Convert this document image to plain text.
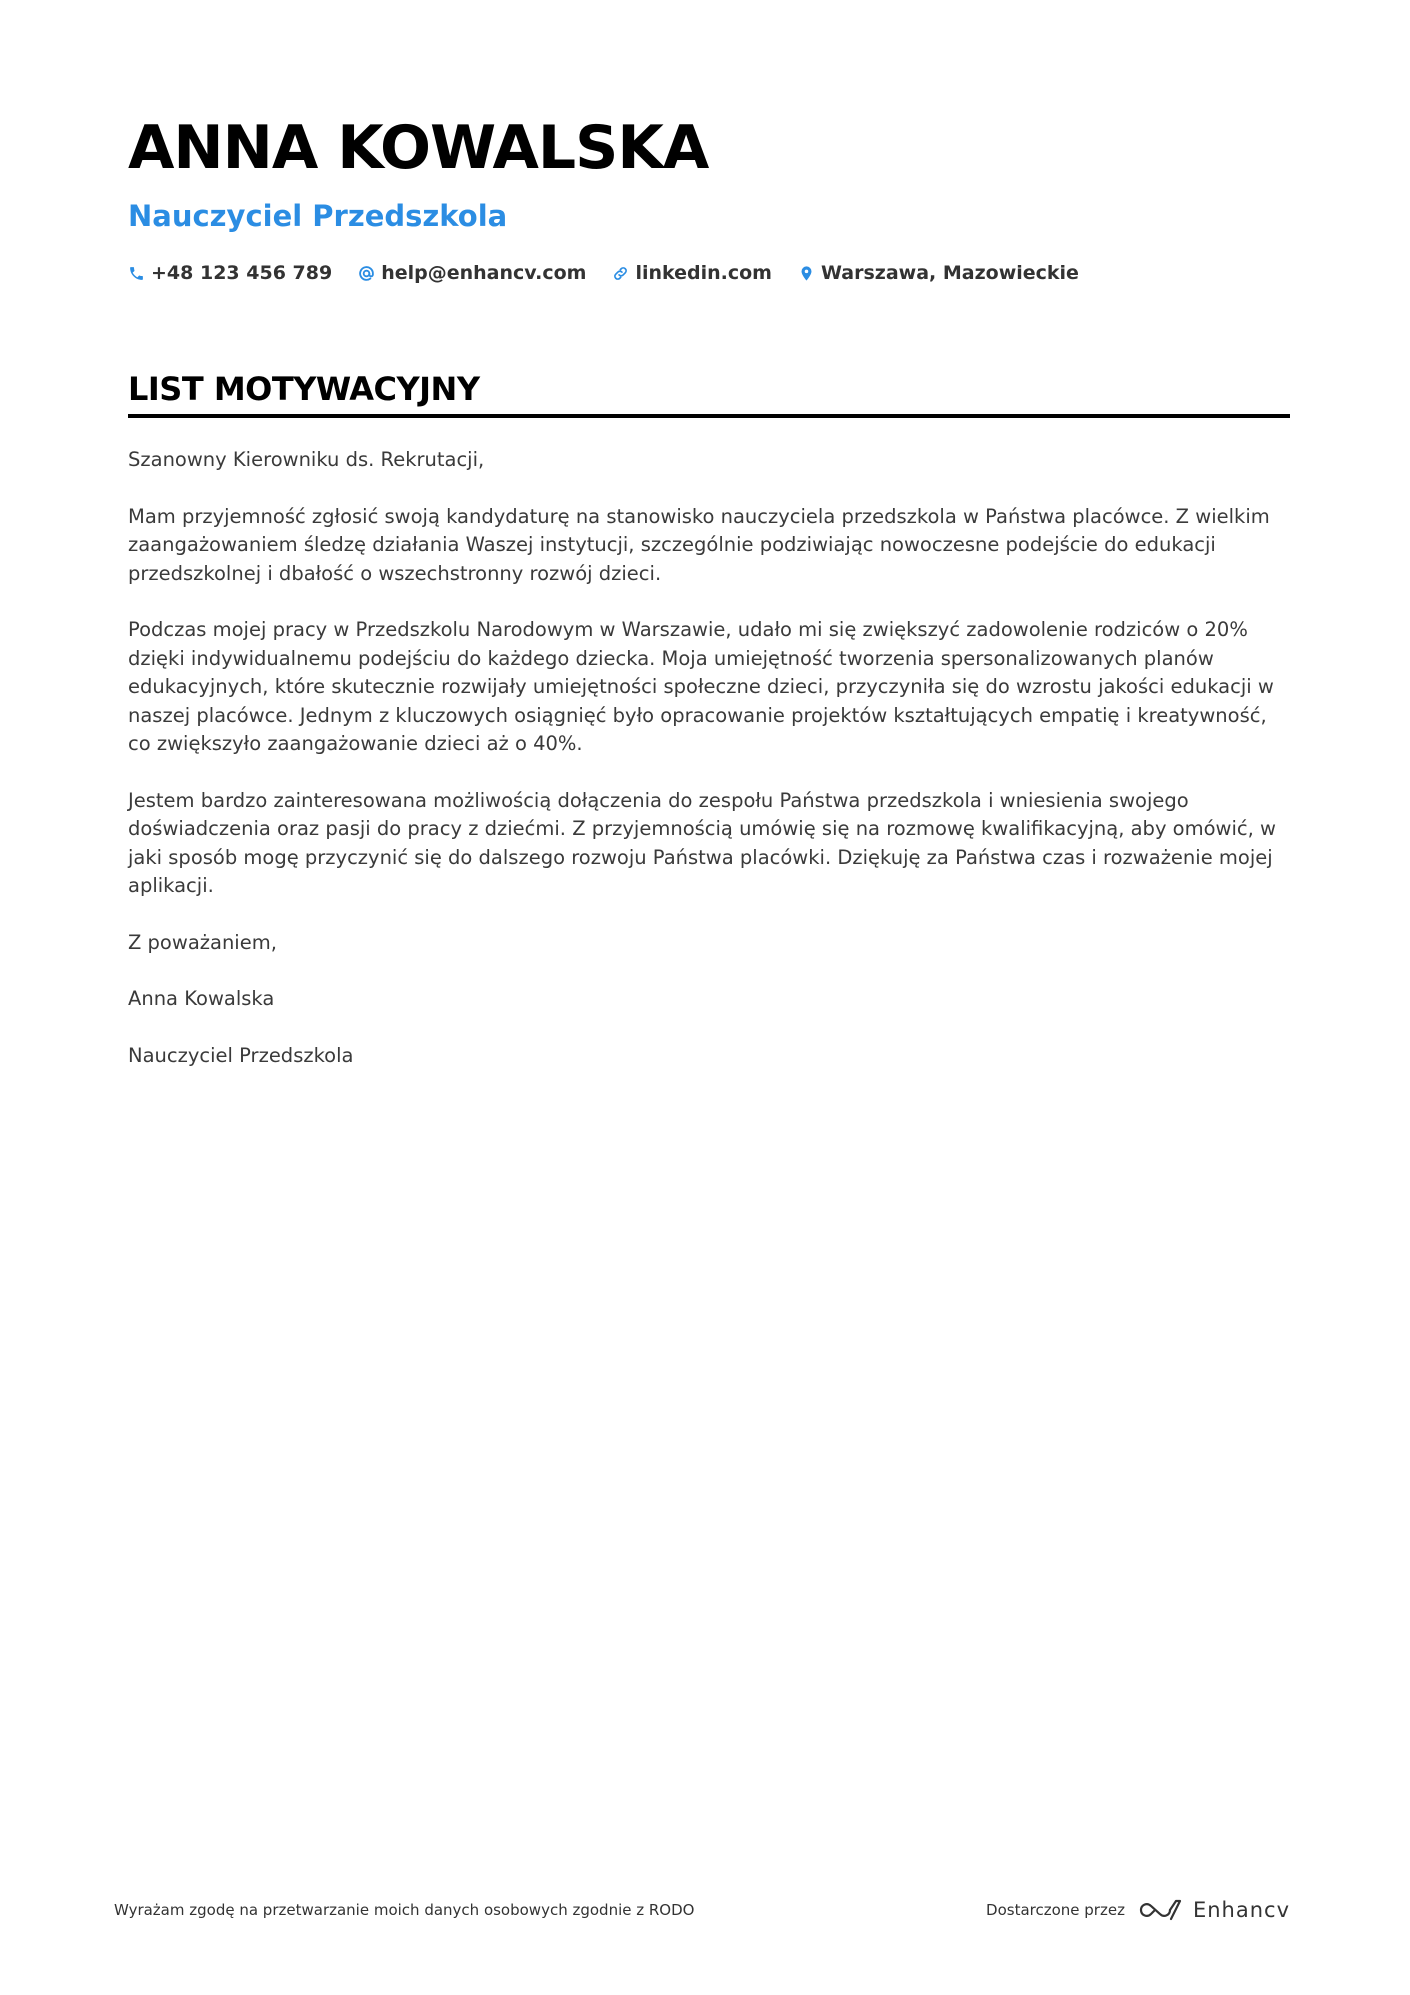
ANNA KOWALSKA
Nauczyciel Przedszkola
+48 123 456 789	help@enhancv.com	linkedin.com	Warszawa, Mazowieckie
LIST MOTYWACYJNY

Szanowny Kierowniku ds. Rekrutacji,

Mam przyjemność zgłosić swoją kandydaturę na stanowisko nauczyciela przedszkola w Państwa placówce. Z wielkim zaangażowaniem śledzę działania Waszej instytucji, szczególnie podziwiając nowoczesne podejście do edukacji przedszkolnej i dbałość o wszechstronny rozwój dzieci.

Podczas mojej pracy w Przedszkolu Narodowym w Warszawie, udało mi się zwiększyć zadowolenie rodziców o 20% dzięki indywidualnemu podejściu do każdego dziecka. Moja umiejętność tworzenia spersonalizowanych planów edukacyjnych, które skutecznie rozwijały umiejętności społeczne dzieci, przyczyniła się do wzrostu jakości edukacji w naszej placówce. Jednym z kluczowych osiągnięć było opracowanie projektów kształtujących empatię i kreatywność, co zwiększyło zaangażowanie dzieci aż o 40%.

Jestem bardzo zainteresowana możliwością dołączenia do zespołu Państwa przedszkola i wniesienia swojego doświadczenia oraz pasji do pracy z dziećmi. Z przyjemnością umówię się na rozmowę kwalifikacyjną, aby omówić, w jaki sposób mogę przyczynić się do dalszego rozwoju Państwa placówki. Dziękuję za Państwa czas i rozważenie mojej aplikacji.

Z poważaniem,

Anna Kowalska

Nauczyciel Przedszkola

Wyrażam zgodę na przetwarzanie moich danych osobowych zgodnie z RODO	Dostarczone przez	Enhancv
